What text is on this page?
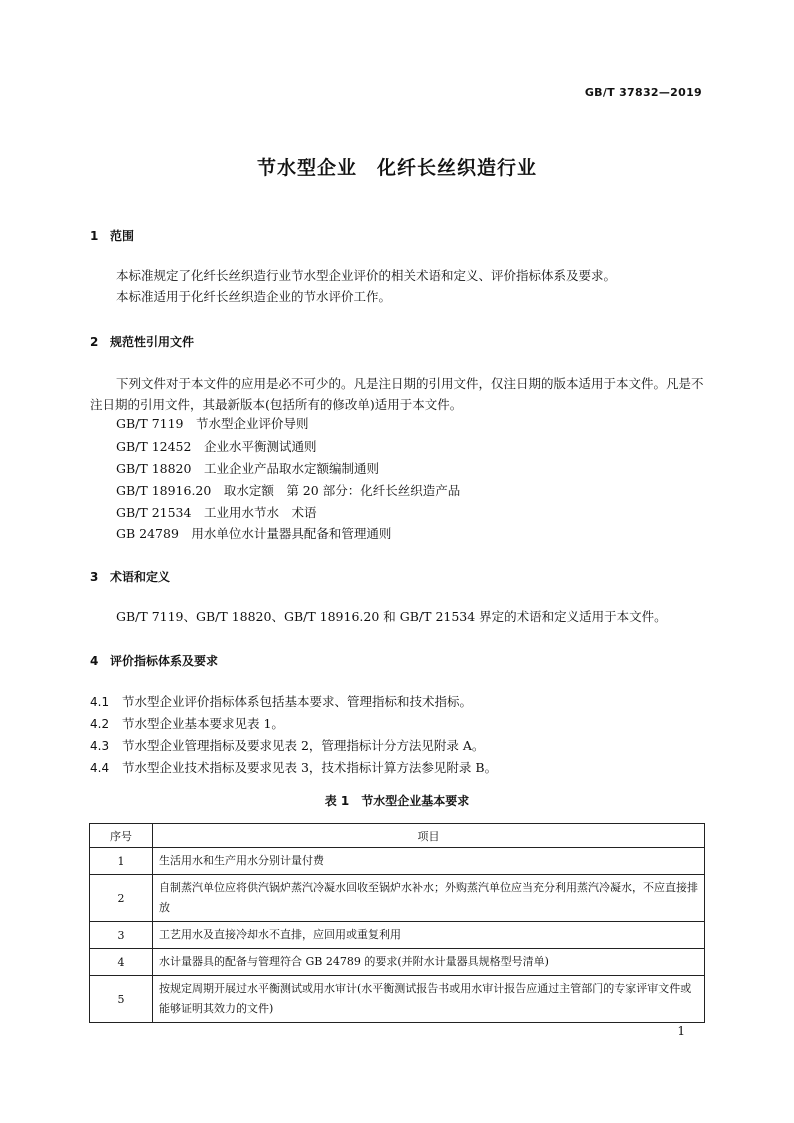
GB/T 37832—2019
节水型企业　化纤长丝织造行业
1 范围
本标准规定了化纤长丝织造行业节水型企业评价的相关术语和定义、评价指标体系及要求。
本标准适用于化纤长丝织造企业的节水评价工作。
2 规范性引用文件
下列文件对于本文件的应用是必不可少的。凡是注日期的引用文件，仅注日期的版本适用于本文件。凡是不注日期的引用文件，其最新版本(包括所有的修改单)适用于本文件。
GB/T 7119　节水型企业评价导则
GB/T 12452　企业水平衡测试通则
GB/T 18820　工业企业产品取水定额编制通则
GB/T 18916.20　取水定额　第 20 部分：化纤长丝织造产品
GB/T 21534　工业用水节水　术语
GB 24789　用水单位水计量器具配备和管理通则
3 术语和定义
GB/T 7119、GB/T 18820、GB/T 18916.20 和 GB/T 21534 界定的术语和定义适用于本文件。
4 评价指标体系及要求
4.1 节水型企业评价指标体系包括基本要求、管理指标和技术指标。
4.2 节水型企业基本要求见表 1。
4.3 节水型企业管理指标及要求见表 2，管理指标计分方法见附录 A。
4.4 节水型企业技术指标及要求见表 3，技术指标计算方法参见附录 B。
表 1 节水型企业基本要求
序号	项目
1	生活用水和生产用水分别计量付费
2	自制蒸汽单位应将供汽锅炉蒸汽冷凝水回收至锅炉水补水；外购蒸汽单位应当充分利用蒸汽冷凝水，不应直接排放
3	工艺用水及直接冷却水不直排，应回用或重复利用
4	水计量器具的配备与管理符合 GB 24789 的要求(并附水计量器具规格型号清单)
5	按规定周期开展过水平衡测试或用水审计(水平衡测试报告书或用水审计报告应通过主管部门的专家评审文件或能够证明其效力的文件)
1
